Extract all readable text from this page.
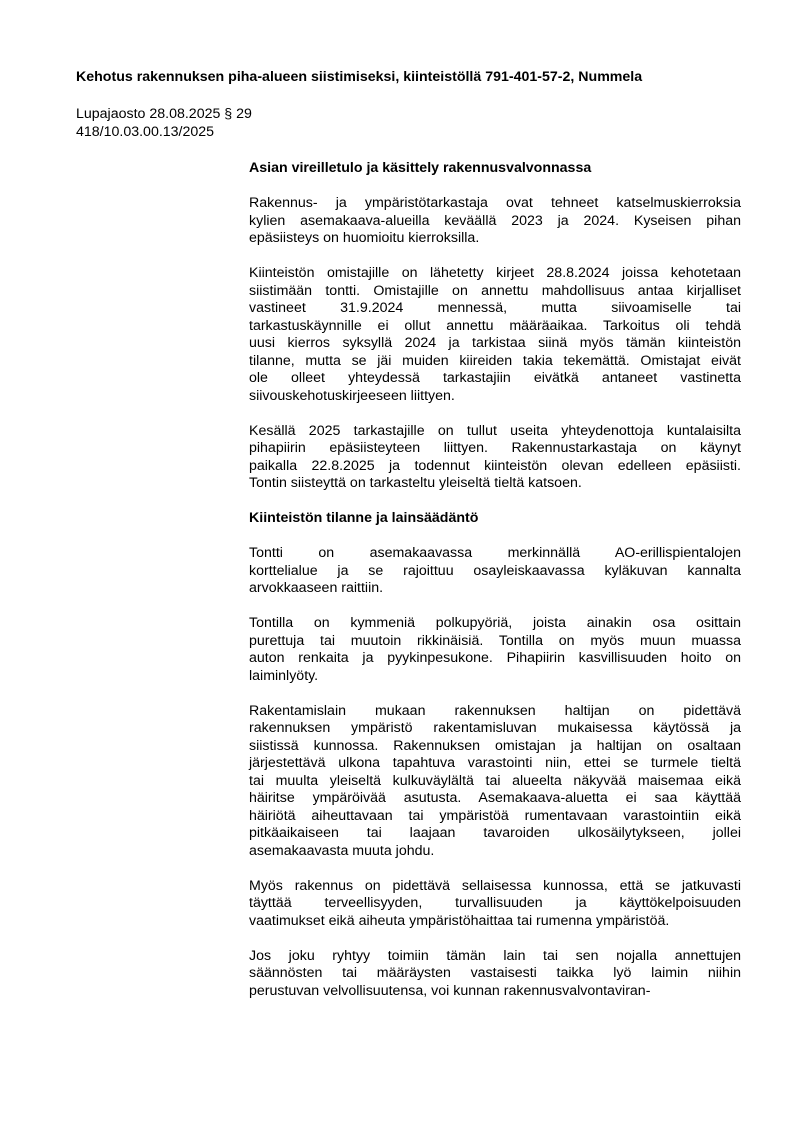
Kehotus rakennuksen piha-alueen siistimiseksi, kiinteistöllä 791-401-57-2, Nummela
Lupajaosto 28.08.2025 § 29
418/10.03.00.13/2025
Asian vireilletulo ja käsittely rakennusvalvonnassa
Rakennus- ja ympäristötarkastaja ovat tehneet katselmuskierroksia
kylien asemakaava-alueilla keväällä 2023 ja 2024. Kyseisen pihan
epäsiisteys on huomioitu kierroksilla.
Kiinteistön omistajille on lähetetty kirjeet 28.8.2024 joissa kehotetaan
siistimään tontti. Omistajille on annettu mahdollisuus antaa kirjalliset
vastineet 31.9.2024 mennessä, mutta siivoamiselle tai
tarkastuskäynnille ei ollut annettu määräaikaa. Tarkoitus oli tehdä
uusi kierros syksyllä 2024 ja tarkistaa siinä myös tämän kiinteistön
tilanne, mutta se jäi muiden kiireiden takia tekemättä. Omistajat eivät
ole olleet yhteydessä tarkastajiin eivätkä antaneet vastinetta
siivouskehotuskirjeeseen liittyen.
Kesällä 2025 tarkastajille on tullut useita yhteydenottoja kuntalaisilta
pihapiirin epäsiisteyteen liittyen. Rakennustarkastaja on käynyt
paikalla 22.8.2025 ja todennut kiinteistön olevan edelleen epäsiisti.
Tontin siisteyttä on tarkasteltu yleiseltä tieltä katsoen.
Kiinteistön tilanne ja lainsäädäntö
Tontti on asemakaavassa merkinnällä AO-erillispientalojen
korttelialue ja se rajoittuu osayleiskaavassa kyläkuvan kannalta
arvokkaaseen raittiin.
Tontilla on kymmeniä polkupyöriä, joista ainakin osa osittain
purettuja tai muutoin rikkinäisiä. Tontilla on myös muun muassa
auton renkaita ja pyykinpesukone. Pihapiirin kasvillisuuden hoito on
laiminlyöty.
Rakentamislain mukaan rakennuksen haltijan on pidettävä
rakennuksen ympäristö rakentamisluvan mukaisessa käytössä ja
siistissä kunnossa. Rakennuksen omistajan ja haltijan on osaltaan
järjestettävä ulkona tapahtuva varastointi niin, ettei se turmele tieltä
tai muulta yleiseltä kulkuväylältä tai alueelta näkyvää maisemaa eikä
häiritse ympäröivää asutusta. Asemakaava-aluetta ei saa käyttää
häiriötä aiheuttavaan tai ympäristöä rumentavaan varastointiin eikä
pitkäaikaiseen tai laajaan tavaroiden ulkosäilytykseen, jollei
asemakaavasta muuta johdu.
Myös rakennus on pidettävä sellaisessa kunnossa, että se jatkuvasti
täyttää terveellisyyden, turvallisuuden ja käyttökelpoisuuden
vaatimukset eikä aiheuta ympäristöhaittaa tai rumenna ympäristöä.
Jos joku ryhtyy toimiin tämän lain tai sen nojalla annettujen
säännösten tai määräysten vastaisesti taikka lyö laimin niihin
perustuvan velvollisuutensa, voi kunnan rakennusvalvontaviran-
